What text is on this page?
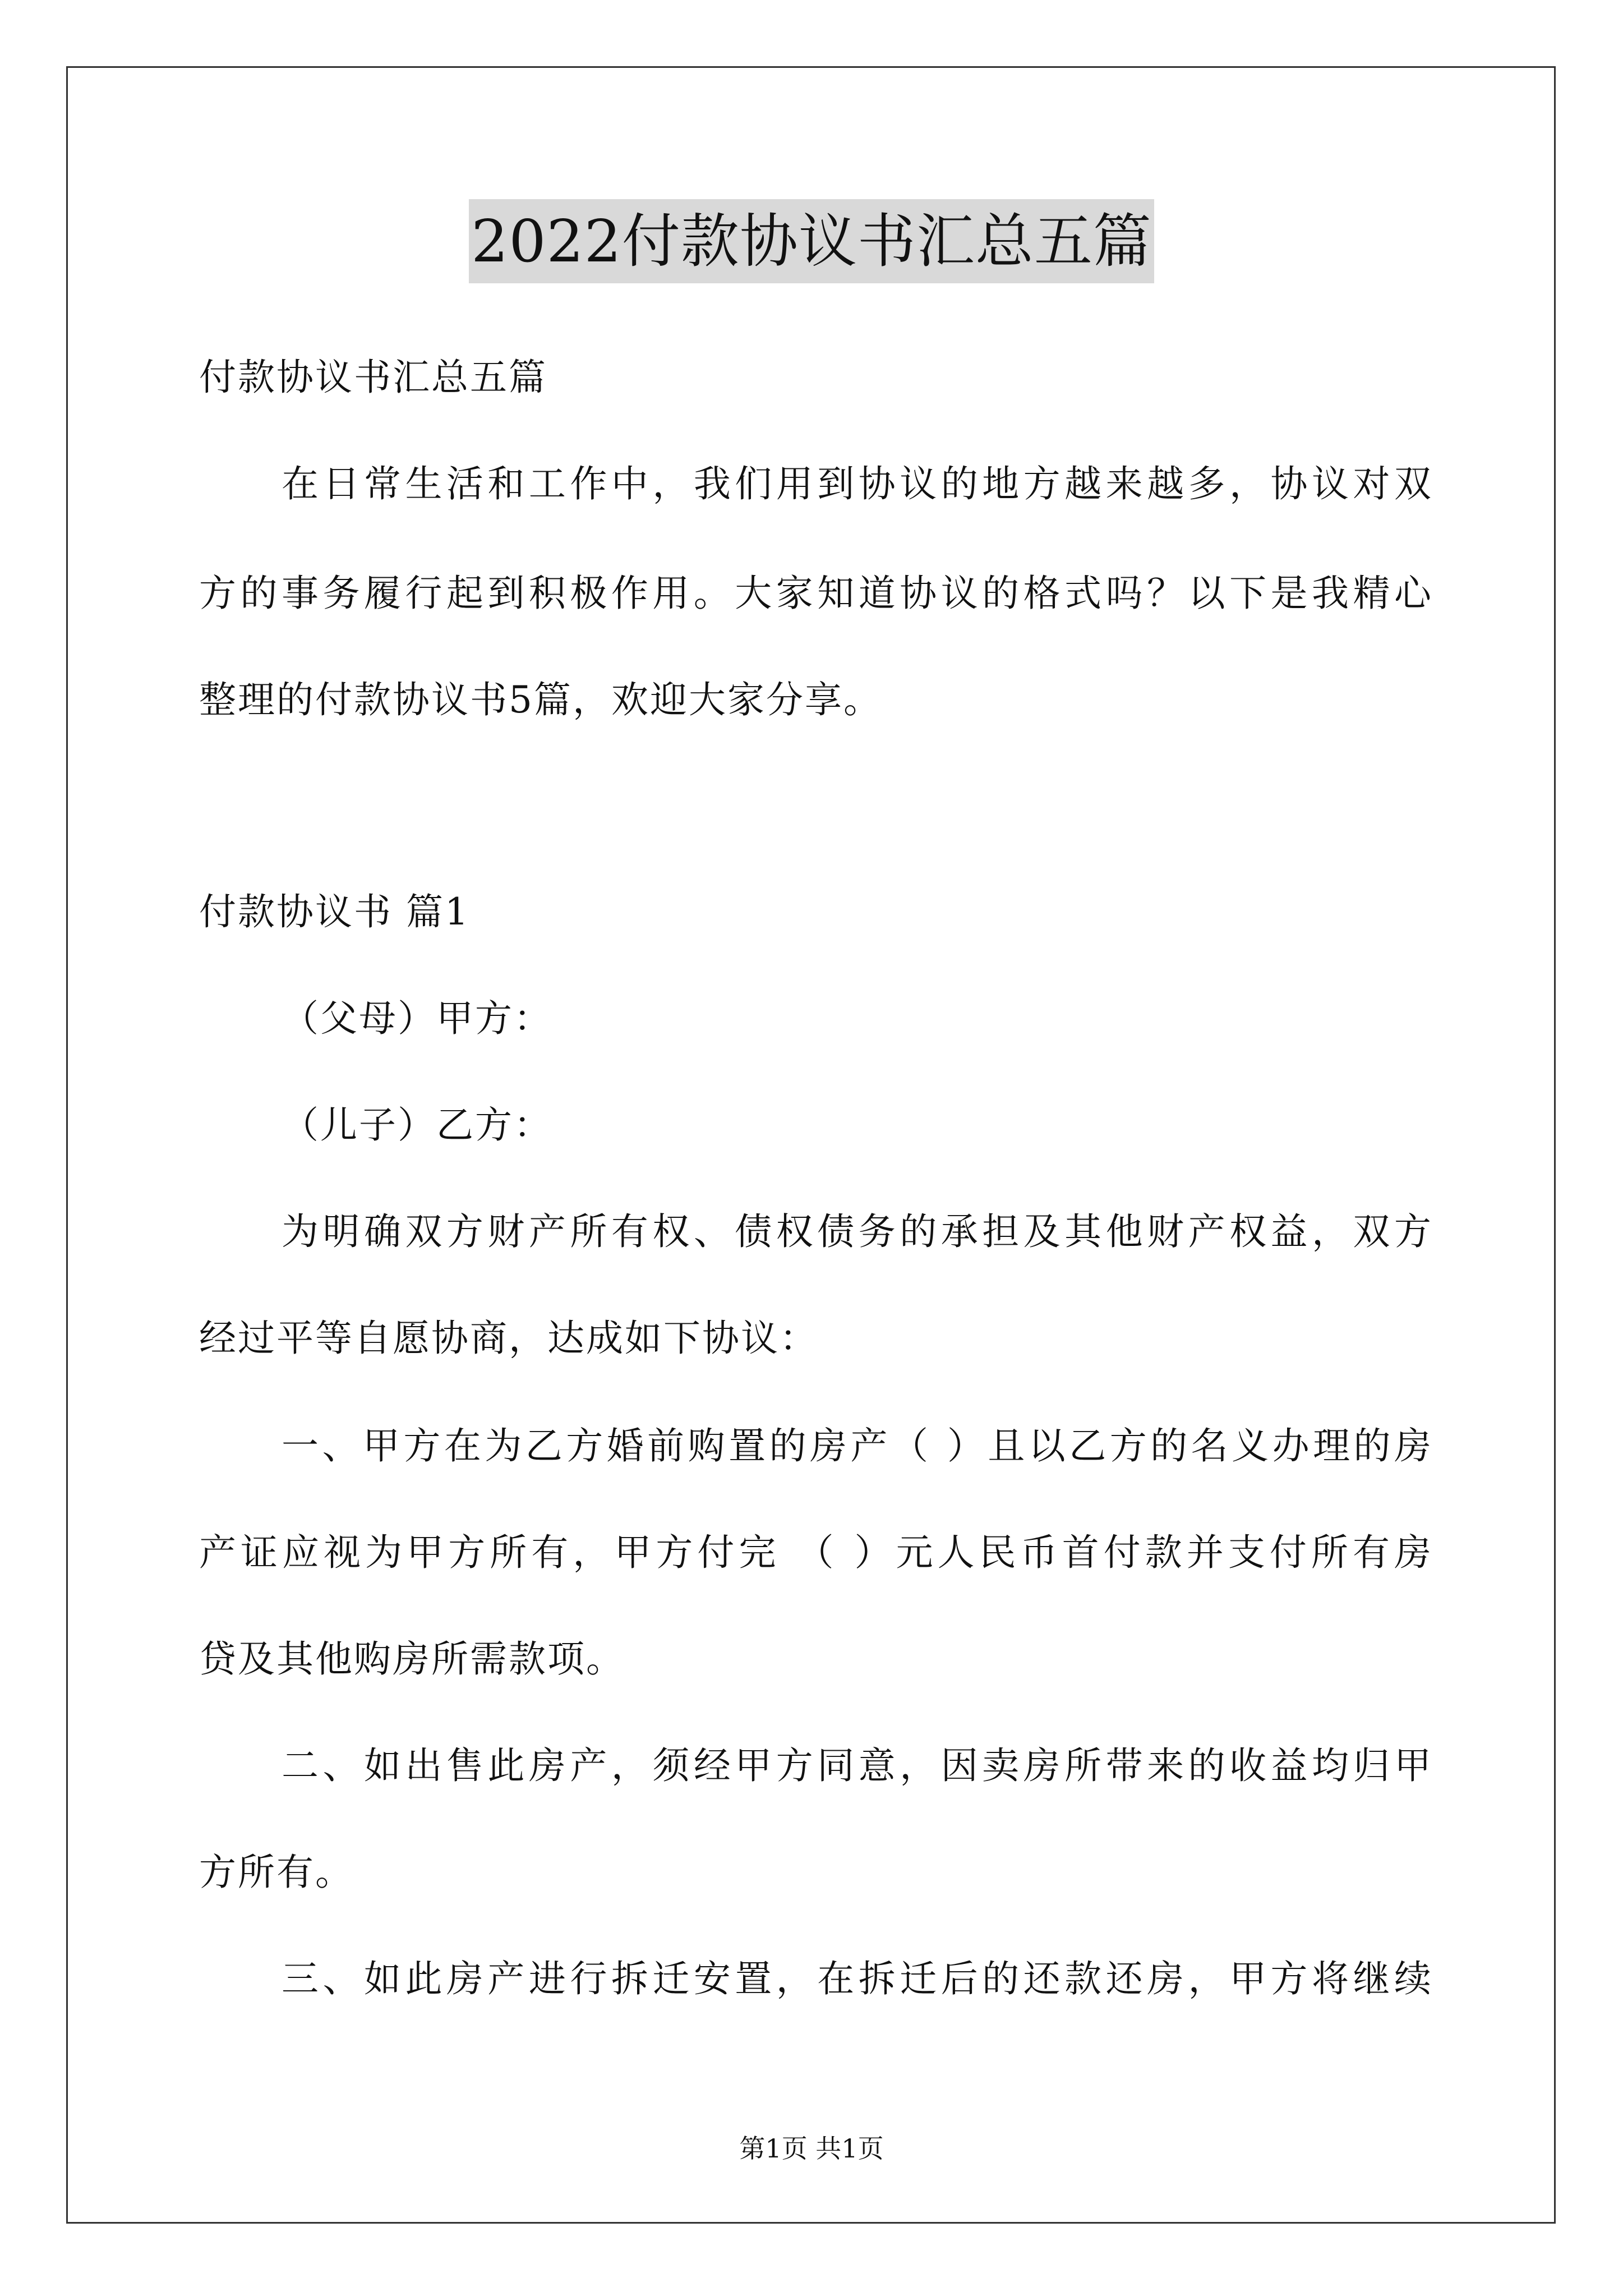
2022付款协议书汇总五篇
付款协议书汇总五篇
在日常生活和工作中，我们用到协议的地方越来越多，协议对双
方的事务履行起到积极作用。大家知道协议的格式吗？以下是我精心
整理的付款协议书5篇，欢迎大家分享。
付款协议书 篇1
（父母）甲方：
（儿子）乙方：
为明确双方财产所有权、债权债务的承担及其他财产权益，双方
经过平等自愿协商，达成如下协议：
一、甲方在为乙方婚前购置的房产（ ）且以乙方的名义办理的房
产证应视为甲方所有，甲方付完 （ ）元人民币首付款并支付所有房
贷及其他购房所需款项。
二、如出售此房产，须经甲方同意，因卖房所带来的收益均归甲
方所有。
三、如此房产进行拆迁安置，在拆迁后的还款还房，甲方将继续
第1页 共1页
